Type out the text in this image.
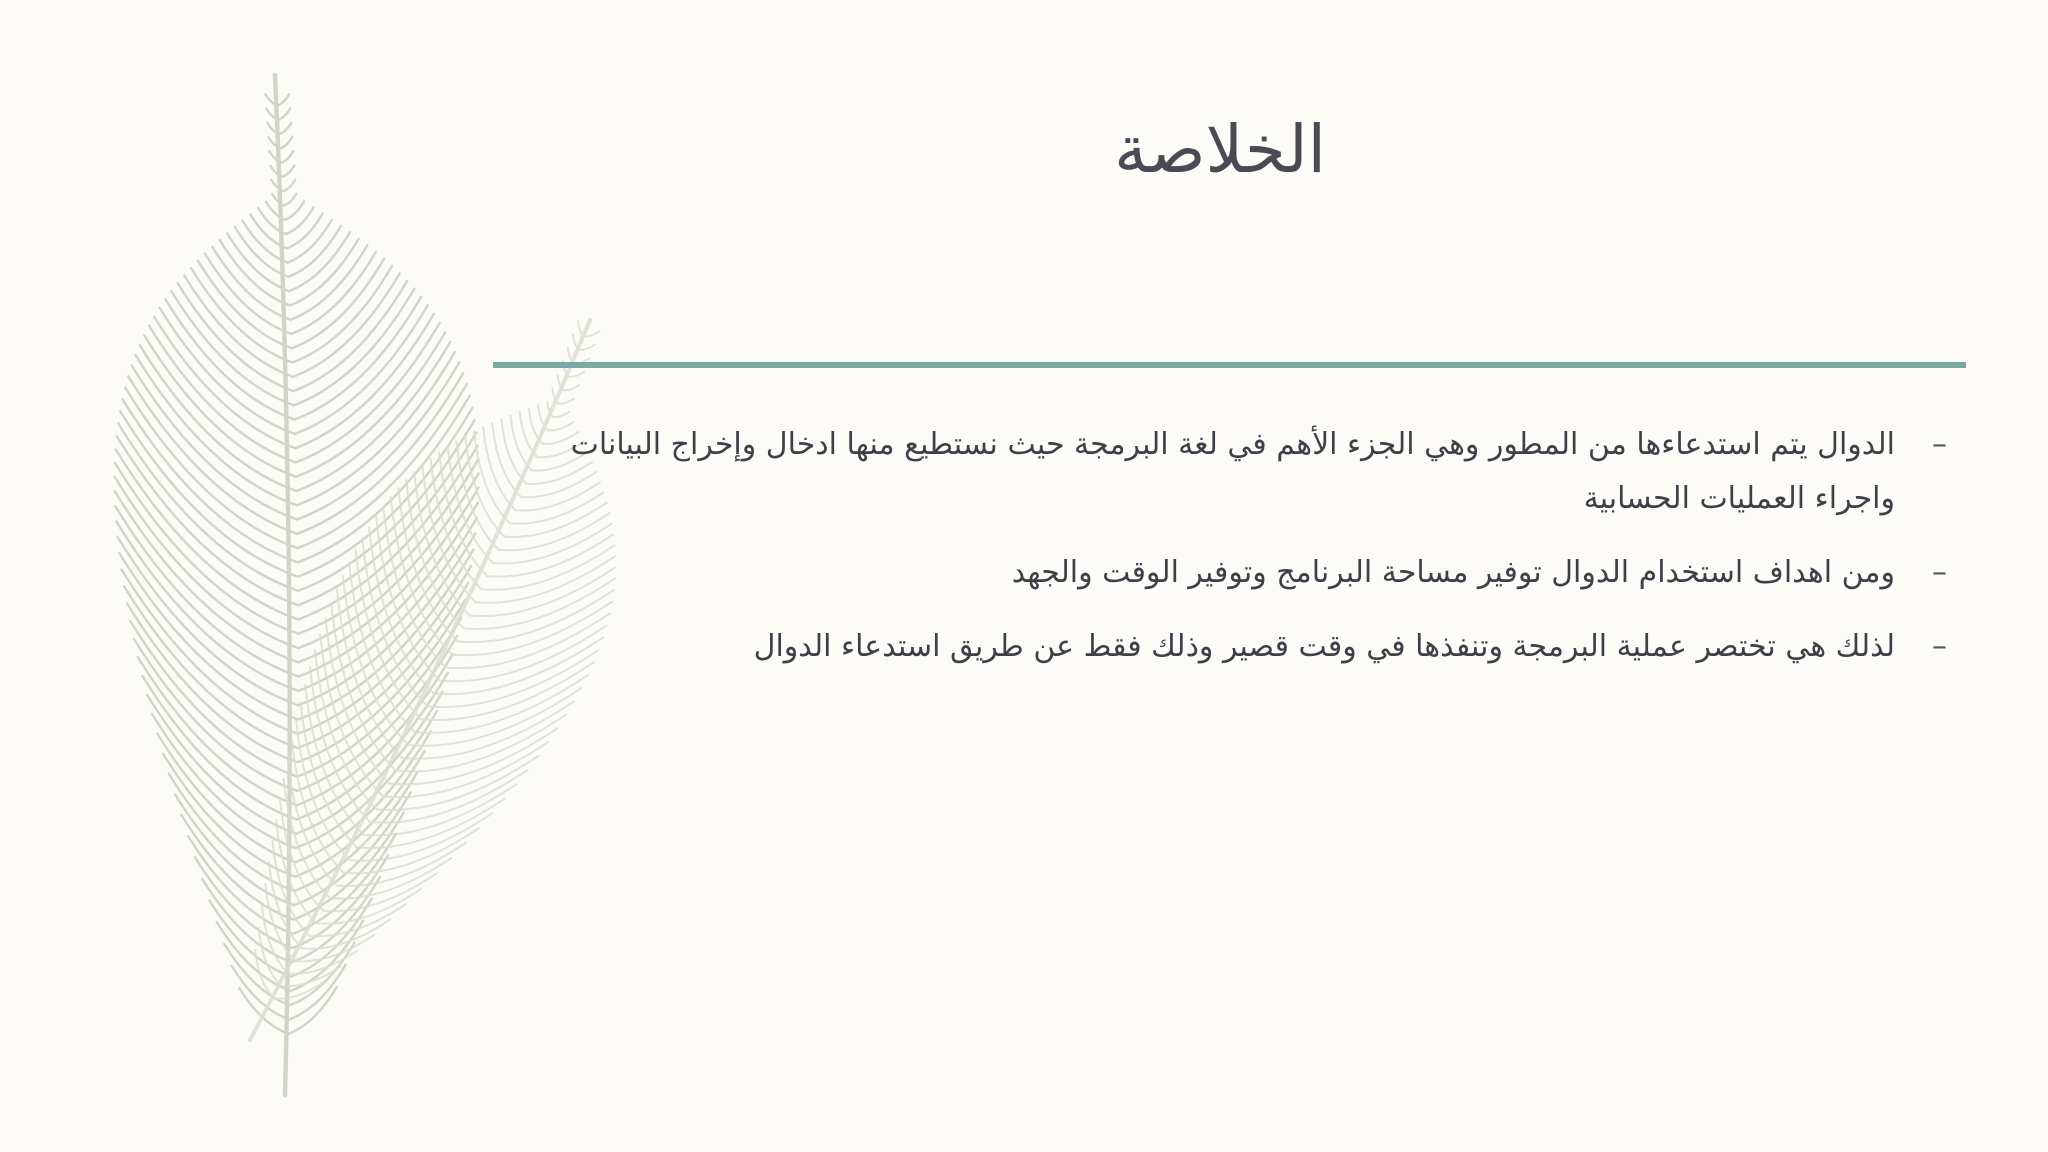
الخلاصة
–
الدوال يتم استدعاءها من المطور وهي الجزء الأهم في لغة البرمجة حيث نستطيع منها ادخال وإخراج البيانات واجراء العمليات الحسابية
–
ومن اهداف استخدام الدوال توفير مساحة البرنامج وتوفير الوقت والجهد
–
لذلك هي تختصر عملية البرمجة وتنفذها في وقت قصير وذلك فقط عن طريق استدعاء الدوال
